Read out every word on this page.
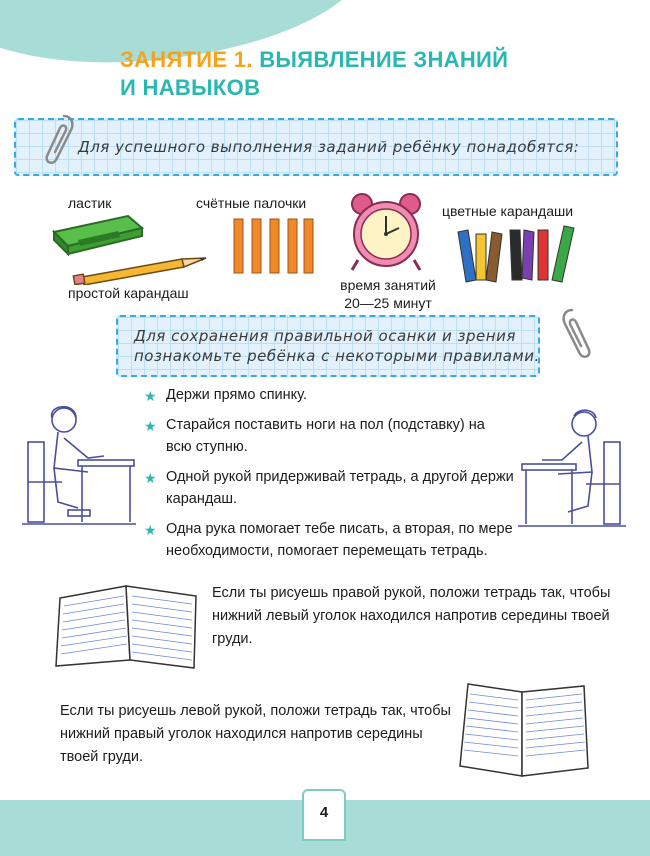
ЗАНЯТИЕ 1. ВЫЯВЛЕНИЕ ЗНАНИЙ
И НАВЫКОВ
Для успешного выполнения заданий ребёнку понадобятся:
ластик
простой карандаш
счётные палочки
время занятий
20—25 минут
цветные карандаши
Для сохранения правильной осанки и зрения
познакомьте ребёнка с некоторыми правилами.
★ Держи прямо спинку.
★ Старайся поставить ноги на пол (подставку) на всю ступню.
★ Одной рукой придерживай тетрадь, а другой держи карандаш.
★ Одна рука помогает тебе писать, а вторая, по мере необходимости, помогает перемещать тетрадь.
Если ты рисуешь правой рукой, положи тетрадь так, чтобы нижний левый уголок находился напротив середины твоей груди.
Если ты рисуешь левой рукой, положи тетрадь так, чтобы нижний правый уголок находился напротив середины твоей груди.
4
